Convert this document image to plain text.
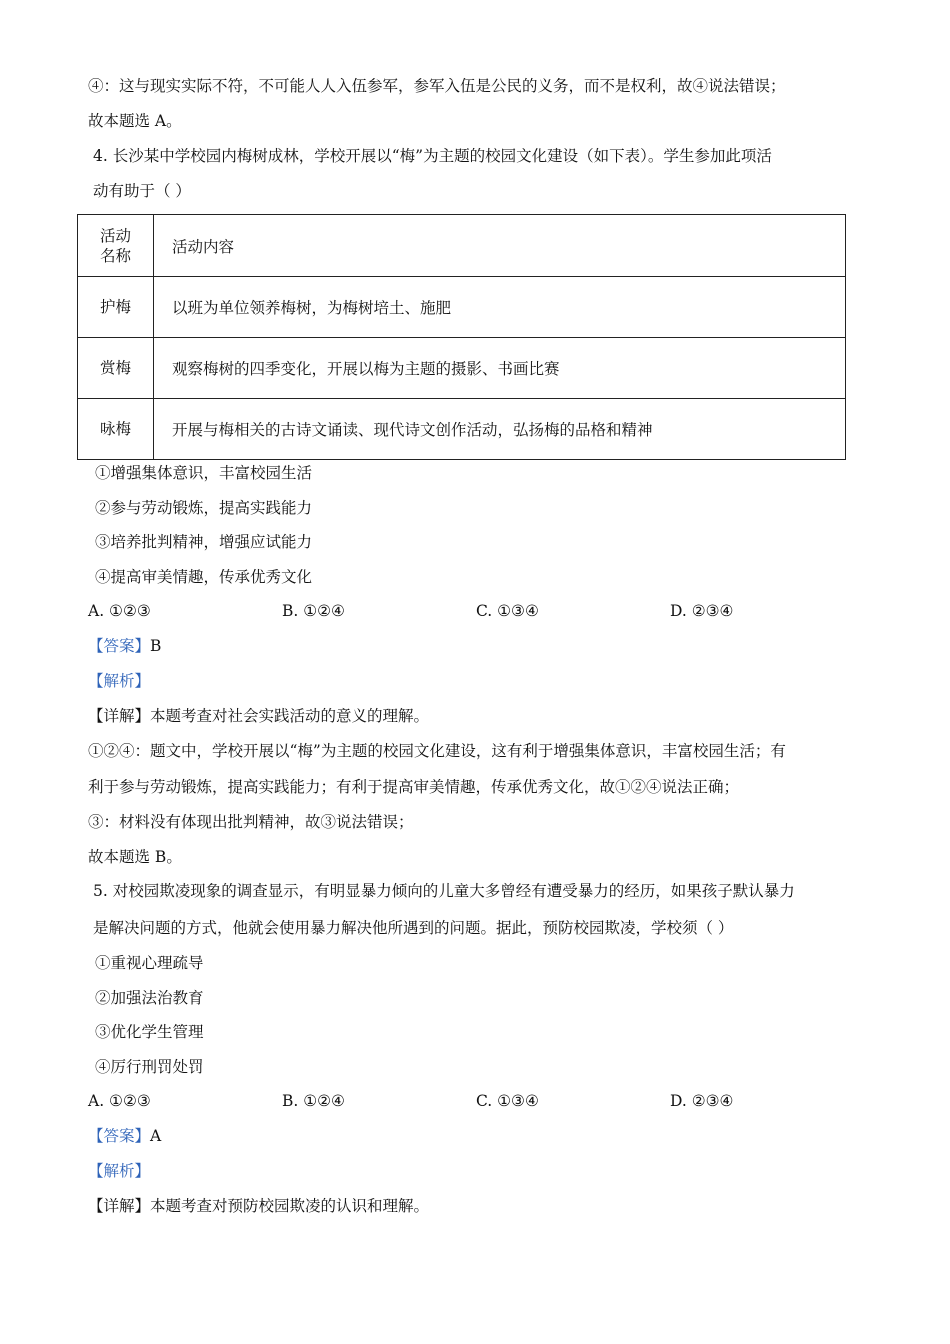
④：这与现实实际不符，不可能人人入伍参军，参军入伍是公民的义务，而不是权利，故④说法错误；
故本题选 A。
4. 长沙某中学校园内梅树成林，学校开展以“梅”为主题的校园文化建设（如下表）。学生参加此项活
动有助于（ ）
活动
名称	活动内容
护梅	以班为单位领养梅树，为梅树培土、施肥
赏梅	观察梅树的四季变化，开展以梅为主题的摄影、书画比赛
咏梅	开展与梅相关的古诗文诵读、现代诗文创作活动，弘扬梅的品格和精神
①增强集体意识，丰富校园生活
②参与劳动锻炼，提高实践能力
③培养批判精神，增强应试能力
④提高审美情趣，传承优秀文化
A. ①②③	B. ①②④	C. ①③④	D. ②③④
【答案】B
【解析】
【详解】本题考查对社会实践活动的意义的理解。
①②④：题文中，学校开展以“梅”为主题的校园文化建设，这有利于增强集体意识，丰富校园生活；有
利于参与劳动锻炼，提高实践能力；有利于提高审美情趣，传承优秀文化，故①②④说法正确；
③：材料没有体现出批判精神，故③说法错误；
故本题选 B。
5. 对校园欺凌现象的调查显示，有明显暴力倾向的儿童大多曾经有遭受暴力的经历，如果孩子默认暴力
是解决问题的方式，他就会使用暴力解决他所遇到的问题。据此，预防校园欺凌，学校须（ ）
①重视心理疏导
②加强法治教育
③优化学生管理
④厉行刑罚处罚
A. ①②③	B. ①②④	C. ①③④	D. ②③④
【答案】A
【解析】
【详解】本题考查对预防校园欺凌的认识和理解。
